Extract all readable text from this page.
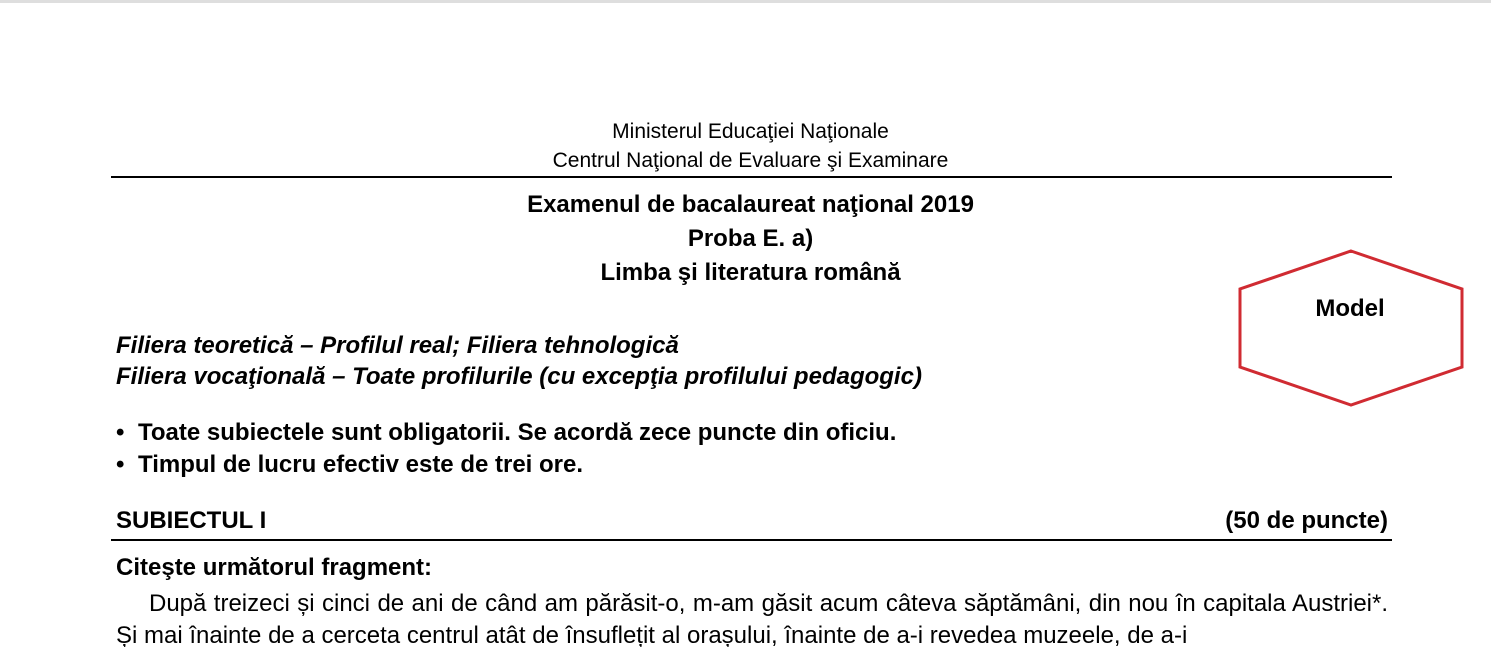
Ministerul Educaţiei Naţionale
Centrul Naţional de Evaluare şi Examinare
Examenul de bacalaureat naţional 2019
Proba E. a)
Limba şi literatura română
Model
Filiera teoretică – Profilul real; Filiera tehnologică
Filiera vocaţională – Toate profilurile (cu excepţia profilului pedagogic)
• Toate subiectele sunt obligatorii. Se acordă zece puncte din oficiu.
• Timpul de lucru efectiv este de trei ore.
SUBIECTUL I	(50 de puncte)
Citeşte următorul fragment:

După treizeci și cinci de ani de când am părăsit-o, m-am găsit acum câteva săptămâni, din nou în capitala Austriei*. Și mai înainte de a cerceta centrul atât de însuflețit al orașului, înainte de a-i revedea muzeele, de a-i
